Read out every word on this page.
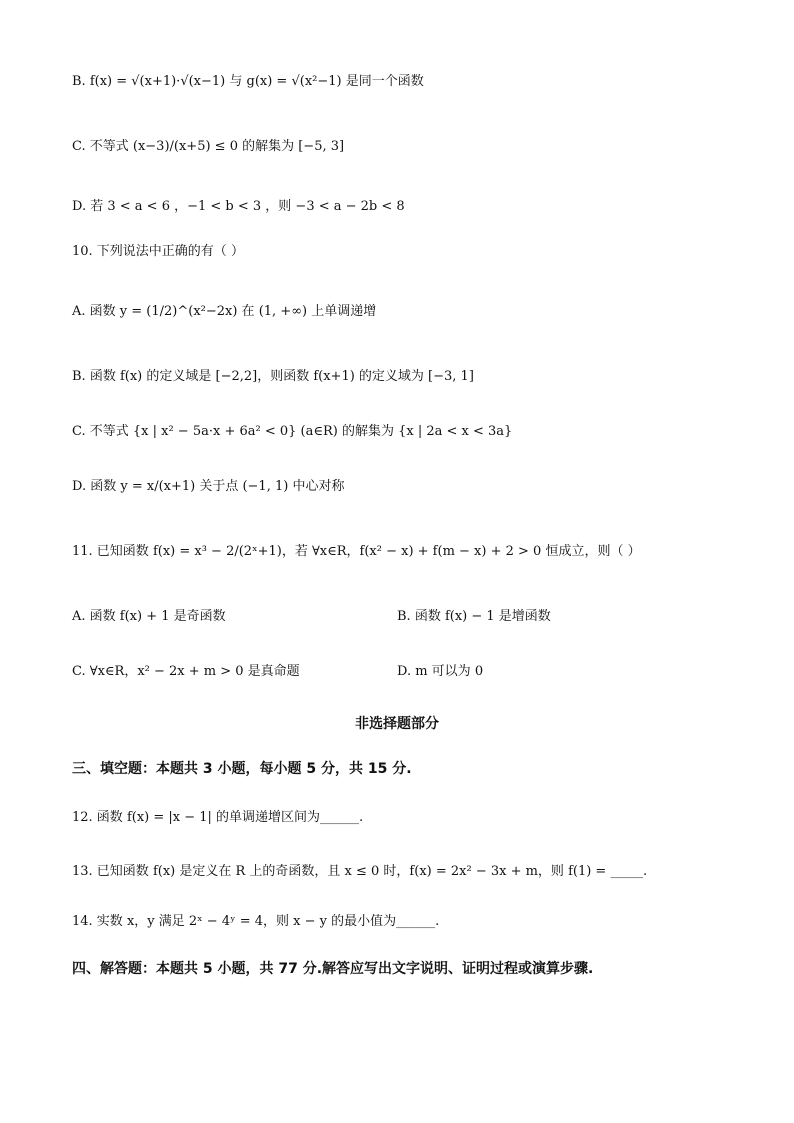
B. f(x) = √(x+1)·√(x−1) 与 g(x) = √(x²−1) 是同一个函数
C. 不等式 (x−3)/(x+5) ≤ 0 的解集为 [−5, 3]
D. 若 3 < a < 6 ，−1 < b < 3 ，则 −3 < a − 2b < 8
10. 下列说法中正确的有（ ）
A. 函数 y = (1/2)^(x²−2x) 在 (1, +∞) 上单调递增
B. 函数 f(x) 的定义域是 [−2,2]，则函数 f(x+1) 的定义域为 [−3, 1]
C. 不等式 {x | x² − 5a·x + 6a² < 0} (a∈R) 的解集为 {x | 2a < x < 3a}
D. 函数 y = x/(x+1) 关于点 (−1, 1) 中心对称
11. 已知函数 f(x) = x³ − 2/(2ˣ+1)，若 ∀x∈R，f(x² − x) + f(m − x) + 2 > 0 恒成立，则（ ）
A. 函数 f(x) + 1 是奇函数	B. 函数 f(x) − 1 是增函数
C. ∀x∈R，x² − 2x + m > 0 是真命题	D. m 可以为 0
非选择题部分
三、填空题：本题共 3 小题，每小题 5 分，共 15 分.
12. 函数 f(x) = |x − 1| 的单调递增区间为______.
13. 已知函数 f(x) 是定义在 R 上的奇函数，且 x ≤ 0 时，f(x) = 2x² − 3x + m，则 f(1) = _____.
14. 实数 x，y 满足 2ˣ − 4ʸ = 4，则 x − y 的最小值为______.
四、解答题：本题共 5 小题，共 77 分.解答应写出文字说明、证明过程或演算步骤.
